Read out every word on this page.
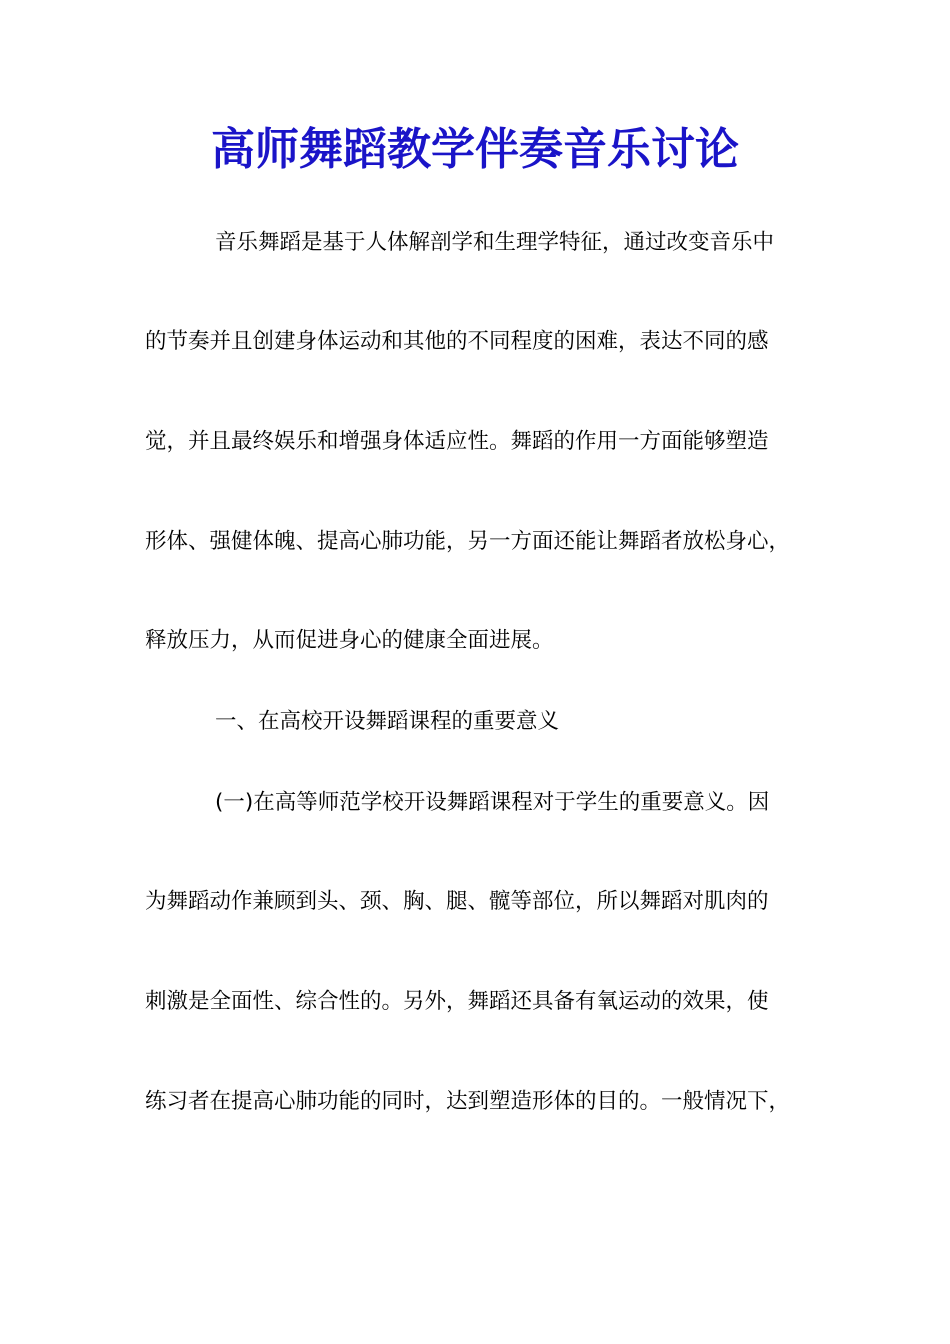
高师舞蹈教学伴奏音乐讨论

音乐舞蹈是基于人体解剖学和生理学特征，通过改变音乐中

的节奏并且创建身体运动和其他的不同程度的困难，表达不同的感

觉，并且最终娱乐和增强身体适应性。舞蹈的作用一方面能够塑造

形体、强健体魄、提高心肺功能，另一方面还能让舞蹈者放松身心，

释放压力，从而促进身心的健康全面进展。

一、在高校开设舞蹈课程的重要意义

(一)在高等师范学校开设舞蹈课程对于学生的重要意义。因

为舞蹈动作兼顾到头、颈、胸、腿、髋等部位，所以舞蹈对肌肉的

刺激是全面性、综合性的。另外，舞蹈还具备有氧运动的效果，使

练习者在提高心肺功能的同时，达到塑造形体的目的。一般情况下，
